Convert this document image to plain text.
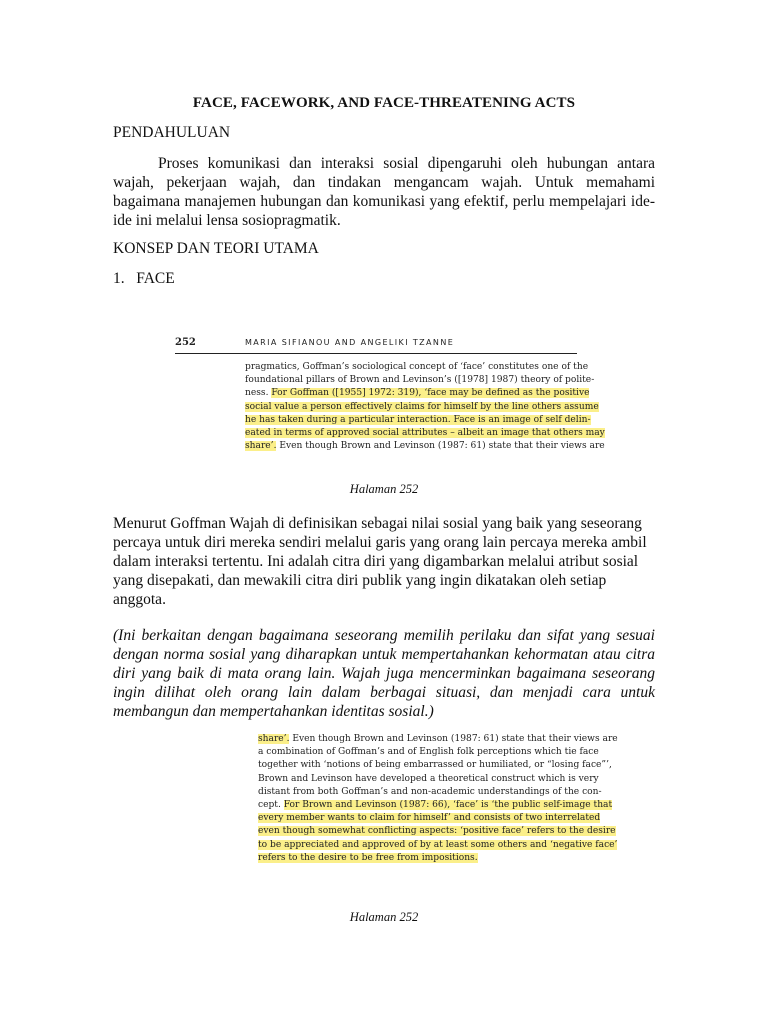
FACE, FACEWORK, AND FACE-THREATENING ACTS
PENDAHULUAN

Proses komunikasi dan interaksi sosial dipengaruhi oleh hubungan antara wajah, pekerjaan wajah, dan tindakan mengancam wajah. Untuk memahami bagaimana manajemen hubungan dan komunikasi yang efektif, perlu mempelajari ide-ide ini melalui lensa sosiopragmatik.

KONSEP DAN TEORI UTAMA
1.   FACE
252	MARIA SIFIANOU AND ANGELIKI TZANNE
pragmatics, Goffman’s sociological concept of ‘face’ constitutes one of the
foundational pillars of Brown and Levinson’s ([1978] 1987) theory of polite-
ness. For Goffman ([1955] 1972: 319), ‘face may be defined as the positive
social value a person effectively claims for himself by the line others assume
he has taken during a particular interaction. Face is an image of self delin-
eated in terms of approved social attributes – albeit an image that others may
share’. Even though Brown and Levinson (1987: 61) state that their views are
Halaman 252
Menurut Goffman Wajah di definisikan sebagai nilai sosial yang baik yang seseorang
percaya untuk diri mereka sendiri melalui garis yang orang lain percaya mereka ambil
dalam interaksi tertentu. Ini adalah citra diri yang digambarkan melalui atribut sosial
yang disepakati, dan mewakili citra diri publik yang ingin dikatakan oleh setiap anggota.

(Ini berkaitan dengan bagaimana seseorang memilih perilaku dan sifat yang sesuai dengan norma sosial yang diharapkan untuk mempertahankan kehormatan atau citra diri yang baik di mata orang lain. Wajah juga mencerminkan bagaimana seseorang ingin dilihat oleh orang lain dalam berbagai situasi, dan menjadi cara untuk membangun dan mempertahankan identitas sosial.)

share’. Even though Brown and Levinson (1987: 61) state that their views are
a combination of Goffman’s and of English folk perceptions which tie face
together with ‘notions of being embarrassed or humiliated, or “losing face”’,
Brown and Levinson have developed a theoretical construct which is very
distant from both Goffman’s and non-academic understandings of the con-
cept. For Brown and Levinson (1987: 66), ‘face’ is ‘the public self-image that
every member wants to claim for himself’ and consists of two interrelated
even though somewhat conflicting aspects: ‘positive face’ refers to the desire
to be appreciated and approved of by at least some others and ‘negative face’
refers to the desire to be free from impositions.
Halaman 252
